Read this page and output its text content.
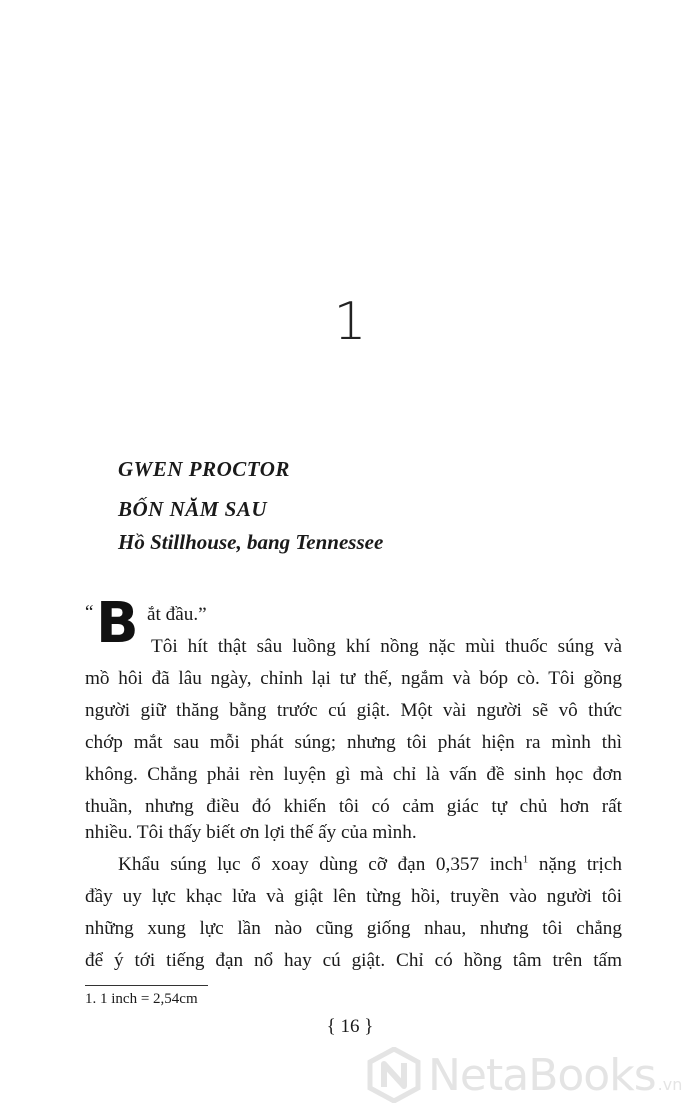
1
GWEN PROCTOR
BỐN NĂM SAU
Hồ Stillhouse, bang Tennessee
“	ắt đầu.”
B Tôi hít thật sâu luồng khí nồng nặc mùi thuốc súng và
mồ hôi đã lâu ngày, chỉnh lại tư thế, ngắm và bóp cò. Tôi gồng
người giữ thăng bằng trước cú giật. Một vài người sẽ vô thức
chớp mắt sau mỗi phát súng; nhưng tôi phát hiện ra mình thì
không. Chẳng phải rèn luyện gì mà chỉ là vấn đề sinh học đơn
thuần, nhưng điều đó khiến tôi có cảm giác tự chủ hơn rất
nhiều. Tôi thấy biết ơn lợi thế ấy của mình.
Khẩu súng lục ổ xoay dùng cỡ đạn 0,357 inch$^1$ nặng trịch
đầy uy lực khạc lửa và giật lên từng hồi, truyền vào người tôi
những xung lực lần nào cũng giống nhau, nhưng tôi chẳng
để ý tới tiếng đạn nổ hay cú giật. Chỉ có hồng tâm trên tấm
1. 1 inch = 2,54cm
{ 16 }
NetaBooks .vn
